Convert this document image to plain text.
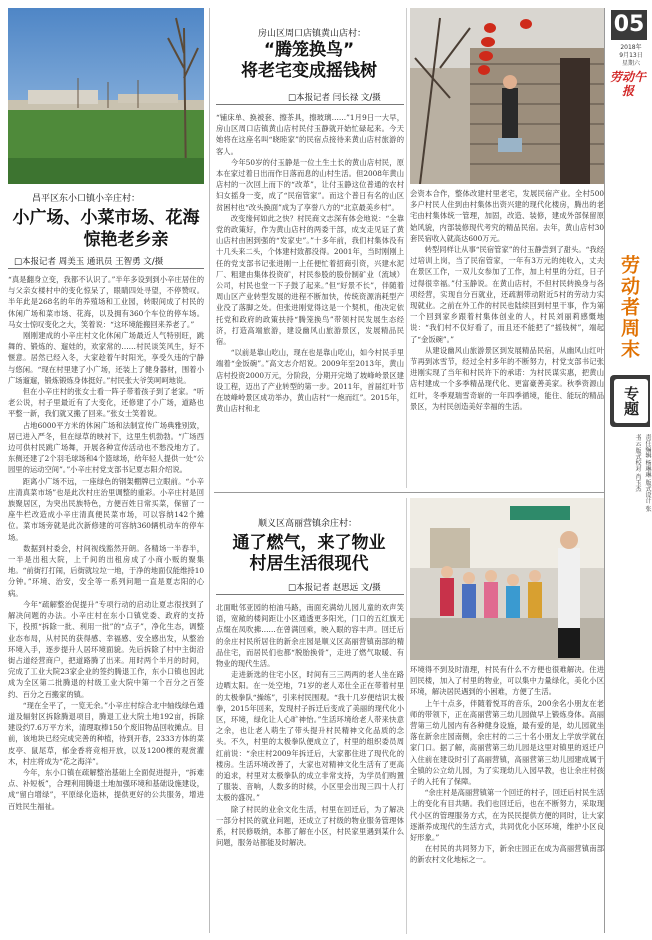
05
2018年
9月13日
星期六
劳动午报
劳动者周末
专题
责任编辑 杨琳琳 版式设计 张书云 版式校对 肖玉杰
昌平区东小口镇小辛庄村：
小广场、小菜市场、花海
惊艳老乡亲
□本报记者 周美玉 通讯员 王智勇 文/摄
“真是翻身立变，我都不认识了。”半年多设到到小辛庄居住的与父亲女楼村中的变化惊呆了，眼睛四处寻望，不停赞叹。半年此是268名的年的养殖场和工业园，转眼间成了村民的休闲广场和菜市场、花海，以及拥有360个车位的停车场。马女士惊叹变化之大，笑着说：“这环境能搬回来养老了。”
　　刚刚建成的小辛庄村文化休闲广场最近人气特别旺，跳舞的、锻炼的、遛娃的，欢家常的……村民谈笑风生，好不惬意。居然已经入冬，大家趁着午时阳光，享受久违的宁静与悠闲。“现在村里建了小广场，还装上了健身器材，围着小广场遛遛，锻炼锻炼身体挺好。”村民张大爷笑呵呵地说。
　　但在小辛庄村的张女士看一阵子带着孩子到了老家。“听老公说，村子里最近有了大变化，还修建了小广场，道路也平整一新，我们就又搬了回来。”张女士笑着说。
　　占地6000平方米的休闲广场和法制宣传广场典雅别致，居已进入严冬，但在绿草的映衬下，这里生机勃勃。“广场西边可供村民跳广场舞，开展各种宣传活动也不愁没地方了。东侧还建了2个羽毛球场和4个篮球场，给年轻人提供一处“公园里的运动空间”。”小辛庄村党支部书记夏志阳介绍说。
　　距离小广场不远，一座绿色的钢架棚牌已立眼前。“小辛庄清真菜市场”也是此次村庄治里调整的重彩。小辛庄村是回族聚居区，为突出民族特色，方便百姓日常买菜，保留了一座牛栏改造成小辛庄清真便民菜市场，可以容纳142个摊位。菜市场旁就是此次新修建的可容纳360辆机动车的停车场。
　　数据到村委会，村间视线豁然开朗。各精场一半春半，一半是出租大院，上千间的出租房成了小商小贩的聚集地。“前街打打闹，后街就垃垃一地，于净的地面仅能维持10分钟。”环境、治安，安全等一系列问题一直是夏志阳的心病。
　　今年“疏解整治促提升”专项行动的启动让夏志很找到了解决问题的办法。小辛庄村在东小口镇党委、政府的支持下，投照“拆除一批、利用一批”的“点子”，净化生态，调整业态布局，从村民的获得感、幸福感、安全感出发，从整治环境入手，逐步提升人居环境面貌。先后拆除了村中主街沿街占道经营商户，把道路腾了出来。用时两个半月的时间，完成了工业大院23家企业的签约腾退工作，东小口镇也因此成为全区第二批腾退的村级工业大院中第一个百分之百签约、百分之百搬家的镇。
　　“现在全平了，一览无余。”小辛庄村综合北中轴线绿色通道及辐射区拆除腾退项目，腾退工业大院土地192亩，拆除建设约7.6万平方米，清理取棒150个废旧物品回收摊点。目前，该地块已经完成完善的种植，待到开春，2333方体的菜皮亭、鼠尾草，郁金香将竞相开放，以及1200棵的观赏灌木，村庄将成为“花之海洋”。
　　今年，东小口镇在疏解整治基础上全面促进提升，“拆难点、补短板”，合理利用腾退土地加强环境和基础设施建设，成“留白增绿”，平原绿化造林，提供更好的公共服务，增进百姓民生福祉。
房山区周口店镇黄山店村：
“腾笼换鸟”
将老宅变成摇钱树
□本报记者 闫长禄 文/摄
“铺床单、换被套、擦茶具，擦玻璃……”1月9日一大早，房山区周口店镇黄山店村民付玉静就开始忙碌起来。今天她将在这座名叫“晓睦家”的民宿点接待来黄山店村旅游的客人。
　　今年50岁的付玉静是一位土生土长的黄山店村民，原本在家过着日出而作日落而息的山村生活。但2008年黄山店村的一次回上而下的“改革”，让付玉静这位普通的农村妇女摇身一变，成了“民宿管家”。而这个普日有名的山区贫困村也“改头换面”成为了享誉八方的“北京最美乡村”。
　　改变缘何如此之快？村民商文志深有体会地说：“全靠党的政策好，作为黄山店村的两委干部，成支走见证了黄山店村由困到强的“发家史”。”十多年前，我们村集体没有十几头来二头，个体建村致都没得。2001年，当时刚刚上任的党支部书记张进刚一上任便忙着招商引资，兴建水泥厂、粗建由集体投资矿，村民参股的股份制矿业（流域）公司，村民也堂一下子鼓了起来。”但“好景不长”，伴随着周山区产业转型发展的进程不断加快，传统资源消耗型产业没了落脚之处。但张进刚觉得这是一个契机，他决定依托党和政府的政策扶持“腾笼换鸟”带领村民发展生态经济，打造高端旅游，建设幽风山旅游景区，发展精品民宿。
　　“以前是靠山吃山，现在也是靠山吃山，如今村民手里端着“金饭碗”。”高文志介绍说。2009年至2013年，黄山店村投资2000万元，分阶段，分期开完坳了坡峰岭景区建设工程，迈出了产业转型的第一步。2011年，首届红叶节在坡峰岭景区成功举办，黄山店村“一炮而红”。2015年，黄山店村和北
会资本合作，整体改建村里老宅，发展民宿产业。全村500多户村民人住到由村集体出资兴建的现代化楼房，腾出的老宅由村集体统一管理，加固，改造、装修，建成外部保留原始风貌，内部装修现代考究的精品民宿。去年，黄山店村30套民宿收入就高达600万元。
　　转型同样让从事“民宿管家”的付玉静尝到了甜头。“我经过培训上岗，当了民宿管家，一年有3万元的纯收入，丈夫在景区工作，一双儿女参加了工作，加上村里的分红，日子过得很幸福。”付玉静说。在黄山店村，不但村民转换身与各项经营，实现自分百就业，还疏割带动附近5村的劳动力实现就业。之前在外工作的村民也陆续回到村里干事，作为第一个回到家乡跟着村集体创业的人，村民刘丽莉感慨地说：“我们村不仅好看了，而且还不能把了“摇钱树”，端起了“金饭碗”。”
　　从建设幽风山旅游景区到发展精品民宿，从幽风山红叶节再到冰雪节，经过全村多年的不断努力，村党支部书记张进刚实现了当年和村民许下的承诺：为村民谋实惠，把黄山店村建成一个多季精品现代化、更富豪善美家。秋季资源山红叶，冬季观瑞雪奇崭的一年四季循境，能住、能玩的精品景区，为村民创造美好幸福的生活。
顺义区高丽营镇余庄村：
通了燃气，来了物业
村居生活很现代
□本报记者 赵思远 文/摄
北面毗邻亚园的柏油马路，南面充满幼儿园儿童的欢声笑语，宽敞的楼间距让小区通透更多阳光，门口的五红旗无点缀在凤吹拂……在曾满回乘，映入眼的容丰声。回迁后的余庄村民所居住的新余庄园是顺义区高丽营镇南部的精品住宅，而居民们也都“脱胎换骨”，走进了燃气取暖、有物业的现代生活。
　　走进新选的住宅小区，时间有三三两两的老人坐在路边晒太阳。在一处空地，71岁的老人邓仕全正在带着村里的太极拳队“操练”，引来村民围观。“我十几岁便结识太极拳，2015年回来，发现村子拆迁后变成了美丽的现代化小区，环境，绿化让人心旷神怡。”生活环境给老人带来快意之余，也让老人萌生了带头提升村民精神文化品质的念头。不久，村里的太极拳队便成立了，村里的组织委员周红前说：“余庄村2009年拆迁后，大家都住进了现代化的楼房。生活环境改善了，大家也对精神文化生活有了更高的追求，村里对太极拳队的成立非常支持，为学员们购置了服装、音响，人数多的时候，小区里会出现三四十人打太极的盛况。”
　　除了村民的业余文化生活，村里在回迁后，为了解决一部分村民的就业问题，还成立了村级的物业服务管理体系，村民修吸纳，本都了解在小区，村民家里遇到某什么问题，服务站都能及时解决。
环境得不到及时清理，村民有什么不方便也很难解决。住进回民楼，加入了村里的物业，可以集中力量绿化，美化小区环境，解决居民遇到的小困难，方便了生活。
　　上午十点多，伴随着悦耳的音乐，200余名小朋友在老师的带领下，正在高丽营第三幼儿园做早上锻炼身体。高丽营第三幼儿园内有各种健身设施，最有爱的是，幼儿园就坐落在新余庄园南侧，余庄村的二三十名小朋友上学放学就在家门口。据了解，高丽营第三幼儿园是这里对镇里的返迁户入住前在建设时引了高丽营镇，高丽营第三幼儿园建成属于全镇的公立幼儿园，为了实现幼儿入园早教，也让余庄村孩子的入托有了保障。
　　“余庄村是高丽营镇第一个回迁的村子，回迁后村民生活上的变化有目共睹。我们也回迁后，也在不断努力，采取现代小区的管理服务方式，在为民民提供方便的同时，让大家逐渐养成现代的生活方式，共同优化小区环境，维护小区良好形象。”
　　在村民的共同努力下，新余庄园正在成为高丽营镇南部的新农村文化地标之一。
